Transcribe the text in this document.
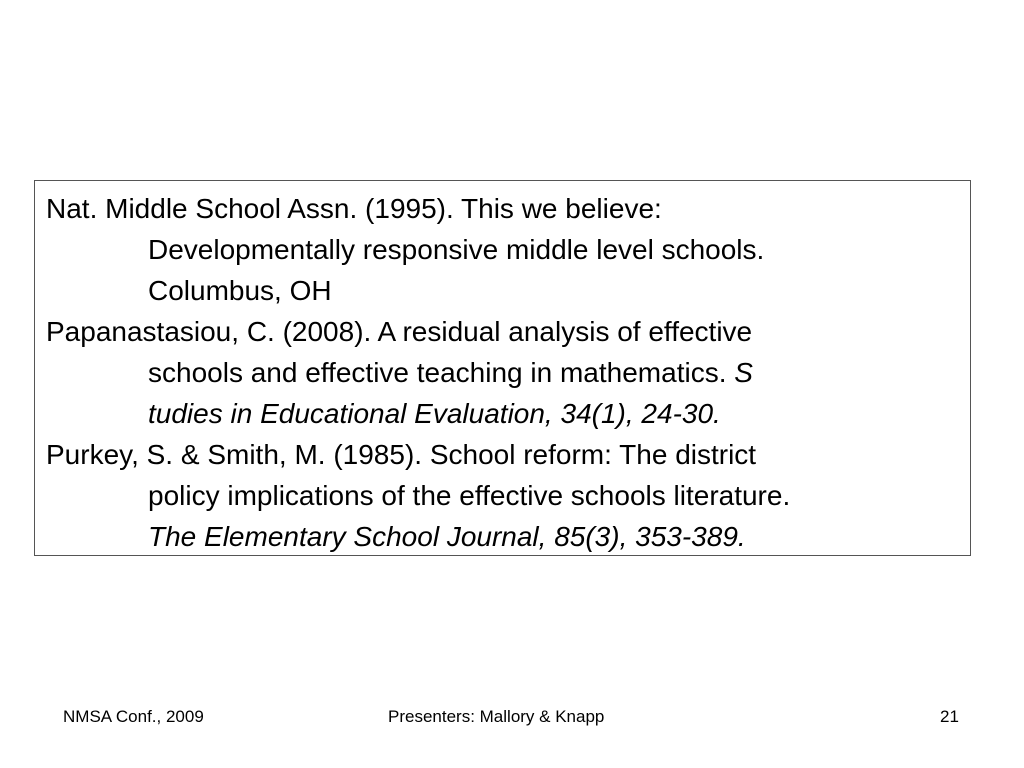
Nat. Middle School Assn. (1995). This we believe:
Developmentally responsive middle level schools.
Columbus, OH
Papanastasiou, C. (2008). A residual analysis of effective
schools and effective teaching in mathematics. S
tudies in Educational Evaluation, 34(1), 24-30.
Purkey, S. & Smith, M. (1985). School reform: The district
policy implications of the effective schools literature.
The Elementary School Journal, 85(3), 353-389.
NMSA Conf., 2009	Presenters: Mallory & Knapp	21
